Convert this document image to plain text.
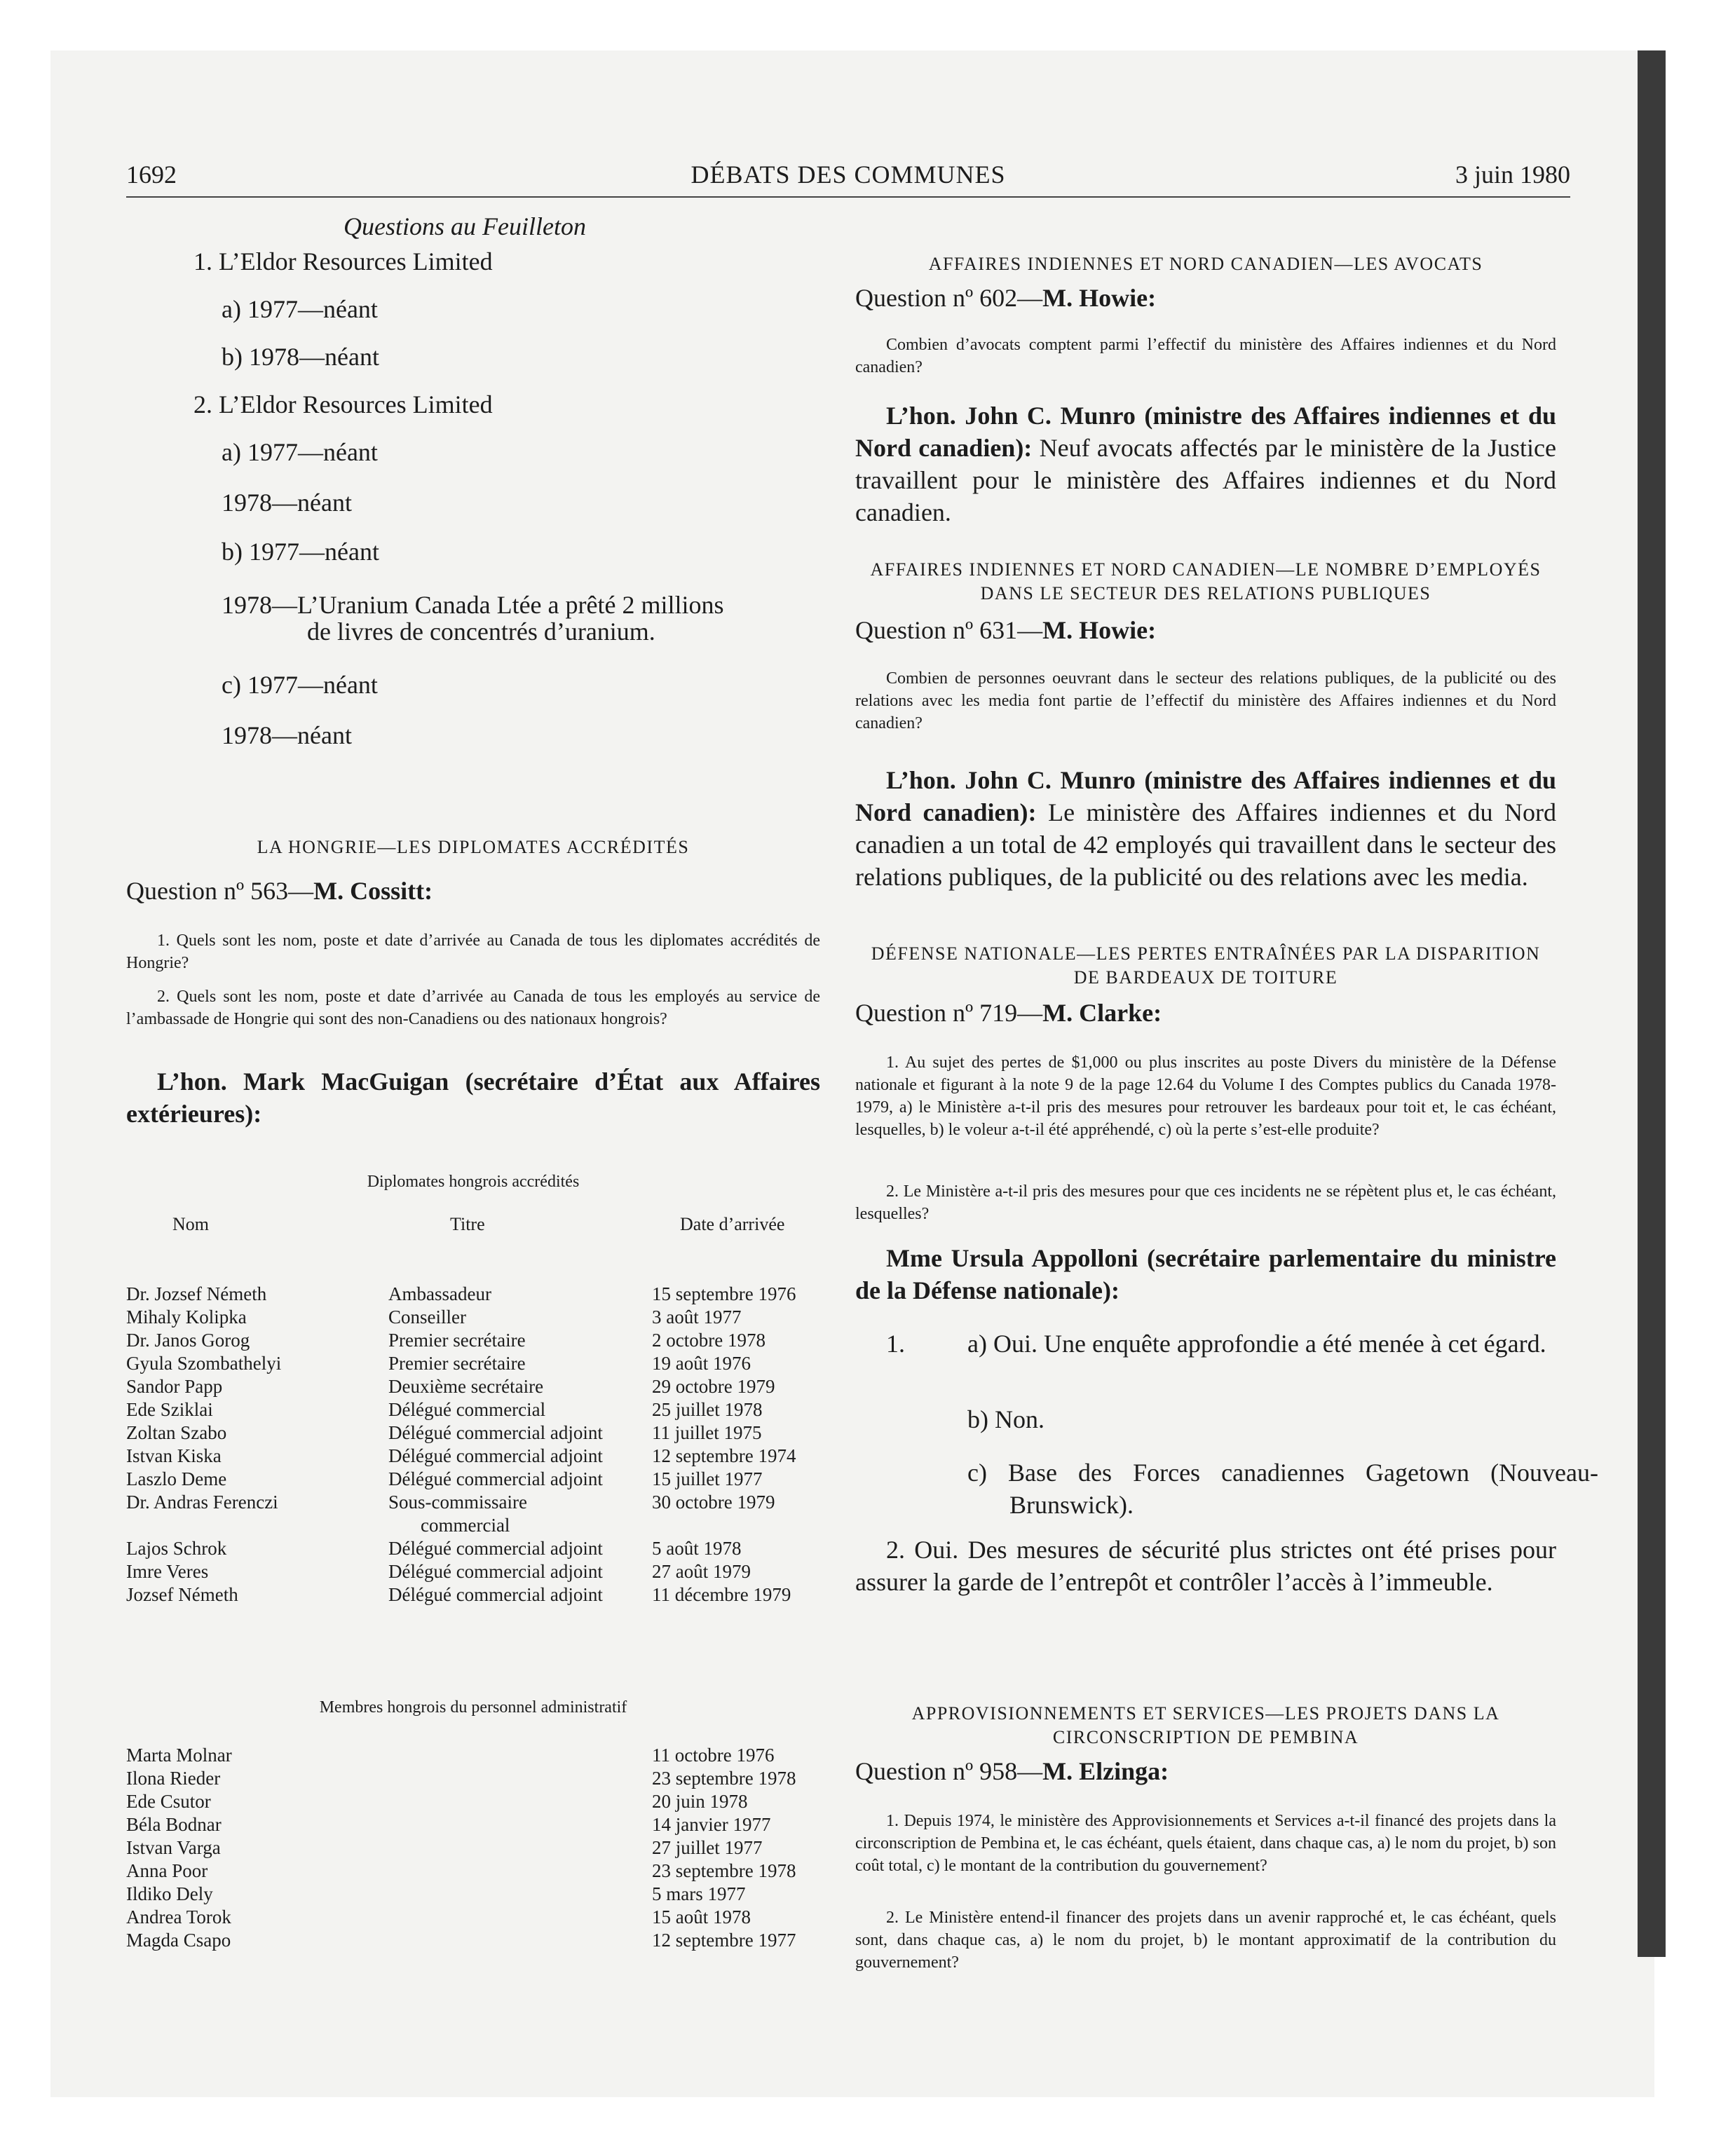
1692	DÉBATS DES COMMUNES	3 juin 1980
Questions au Feuilleton
1. L’Eldor Resources Limited
a) 1977—néant
b) 1978—néant
2. L’Eldor Resources Limited
a) 1977—néant
1978—néant
b) 1977—néant
1978—L’Uranium Canada Ltée a prêté 2 millions
de livres de concentrés d’uranium.
c) 1977—néant
1978—néant
LA HONGRIE—LES DIPLOMATES ACCRÉDITÉS
Question nº 563—M. Cossitt:
1. Quels sont les nom, poste et date d’arrivée au Canada de tous les diplomates accrédités de Hongrie?
2. Quels sont les nom, poste et date d’arrivée au Canada de tous les employés au service de l’ambassade de Hongrie qui sont des non-Canadiens ou des nationaux hongrois?
L’hon. Mark MacGuigan (secrétaire d’État aux Affaires extérieures):
Diplomates hongrois accrédités
Nom	Titre	Date d’arrivée
Dr. Jozsef Németh	Ambassadeur	15 septembre 1976
Mihaly Kolipka	Conseiller	3 août 1977
Dr. Janos Gorog	Premier secrétaire	2 octobre 1978
Gyula Szombathelyi	Premier secrétaire	19 août 1976
Sandor Papp	Deuxième secrétaire	29 octobre 1979
Ede Sziklai	Délégué commercial	25 juillet 1978
Zoltan Szabo	Délégué commercial adjoint	11 juillet 1975
Istvan Kiska	Délégué commercial adjoint	12 septembre 1974
Laszlo Deme	Délégué commercial adjoint	15 juillet 1977
Dr. Andras Ferenczi	Sous-commissaire	30 octobre 1979
commercial
Lajos Schrok	Délégué commercial adjoint	5 août 1978
Imre Veres	Délégué commercial adjoint	27 août 1979
Jozsef Németh	Délégué commercial adjoint	11 décembre 1979
Membres hongrois du personnel administratif
Marta Molnar	11 octobre 1976
Ilona Rieder	23 septembre 1978
Ede Csutor	20 juin 1978
Béla Bodnar	14 janvier 1977
Istvan Varga	27 juillet 1977
Anna Poor	23 septembre 1978
Ildiko Dely	5 mars 1977
Andrea Torok	15 août 1978
Magda Csapo	12 septembre 1977
AFFAIRES INDIENNES ET NORD CANADIEN—LES AVOCATS
Question nº 602—M. Howie:
Combien d’avocats comptent parmi l’effectif du ministère des Affaires indiennes et du Nord canadien?
L’hon. John C. Munro (ministre des Affaires indiennes et du Nord canadien): Neuf avocats affectés par le ministère de la Justice travaillent pour le ministère des Affaires indiennes et du Nord canadien.
AFFAIRES INDIENNES ET NORD CANADIEN—LE NOMBRE D’EMPLOYÉS DANS LE SECTEUR DES RELATIONS PUBLIQUES
Question nº 631—M. Howie:
Combien de personnes oeuvrant dans le secteur des relations publiques, de la publicité ou des relations avec les media font partie de l’effectif du ministère des Affaires indiennes et du Nord canadien?
L’hon. John C. Munro (ministre des Affaires indiennes et du Nord canadien): Le ministère des Affaires indiennes et du Nord canadien a un total de 42 employés qui travaillent dans le secteur des relations publiques, de la publicité ou des relations avec les media.
DÉFENSE NATIONALE—LES PERTES ENTRAÎNÉES PAR LA DISPARITION DE BARDEAUX DE TOITURE
Question nº 719—M. Clarke:
1. Au sujet des pertes de $1,000 ou plus inscrites au poste Divers du ministère de la Défense nationale et figurant à la note 9 de la page 12.64 du Volume I des Comptes publics du Canada 1978-1979, a) le Ministère a-t-il pris des mesures pour retrouver les bardeaux pour toit et, le cas échéant, lesquelles, b) le voleur a-t-il été appréhendé, c) où la perte s’est-elle produite?
2. Le Ministère a-t-il pris des mesures pour que ces incidents ne se répètent plus et, le cas échéant, lesquelles?
Mme Ursula Appolloni (secrétaire parlementaire du ministre de la Défense nationale):
1. a) Oui. Une enquête approfondie a été menée à cet égard.
b) Non.
c) Base des Forces canadiennes Gagetown (Nouveau-Brunswick).
2. Oui. Des mesures de sécurité plus strictes ont été prises pour assurer la garde de l’entrepôt et contrôler l’accès à l’immeuble.
APPROVISIONNEMENTS ET SERVICES—LES PROJETS DANS LA CIRCONSCRIPTION DE PEMBINA
Question nº 958—M. Elzinga:
1. Depuis 1974, le ministère des Approvisionnements et Services a-t-il financé des projets dans la circonscription de Pembina et, le cas échéant, quels étaient, dans chaque cas, a) le nom du projet, b) son coût total, c) le montant de la contribution du gouvernement?
2. Le Ministère entend-il financer des projets dans un avenir rapproché et, le cas échéant, quels sont, dans chaque cas, a) le nom du projet, b) le montant approximatif de la contribution du gouvernement?
